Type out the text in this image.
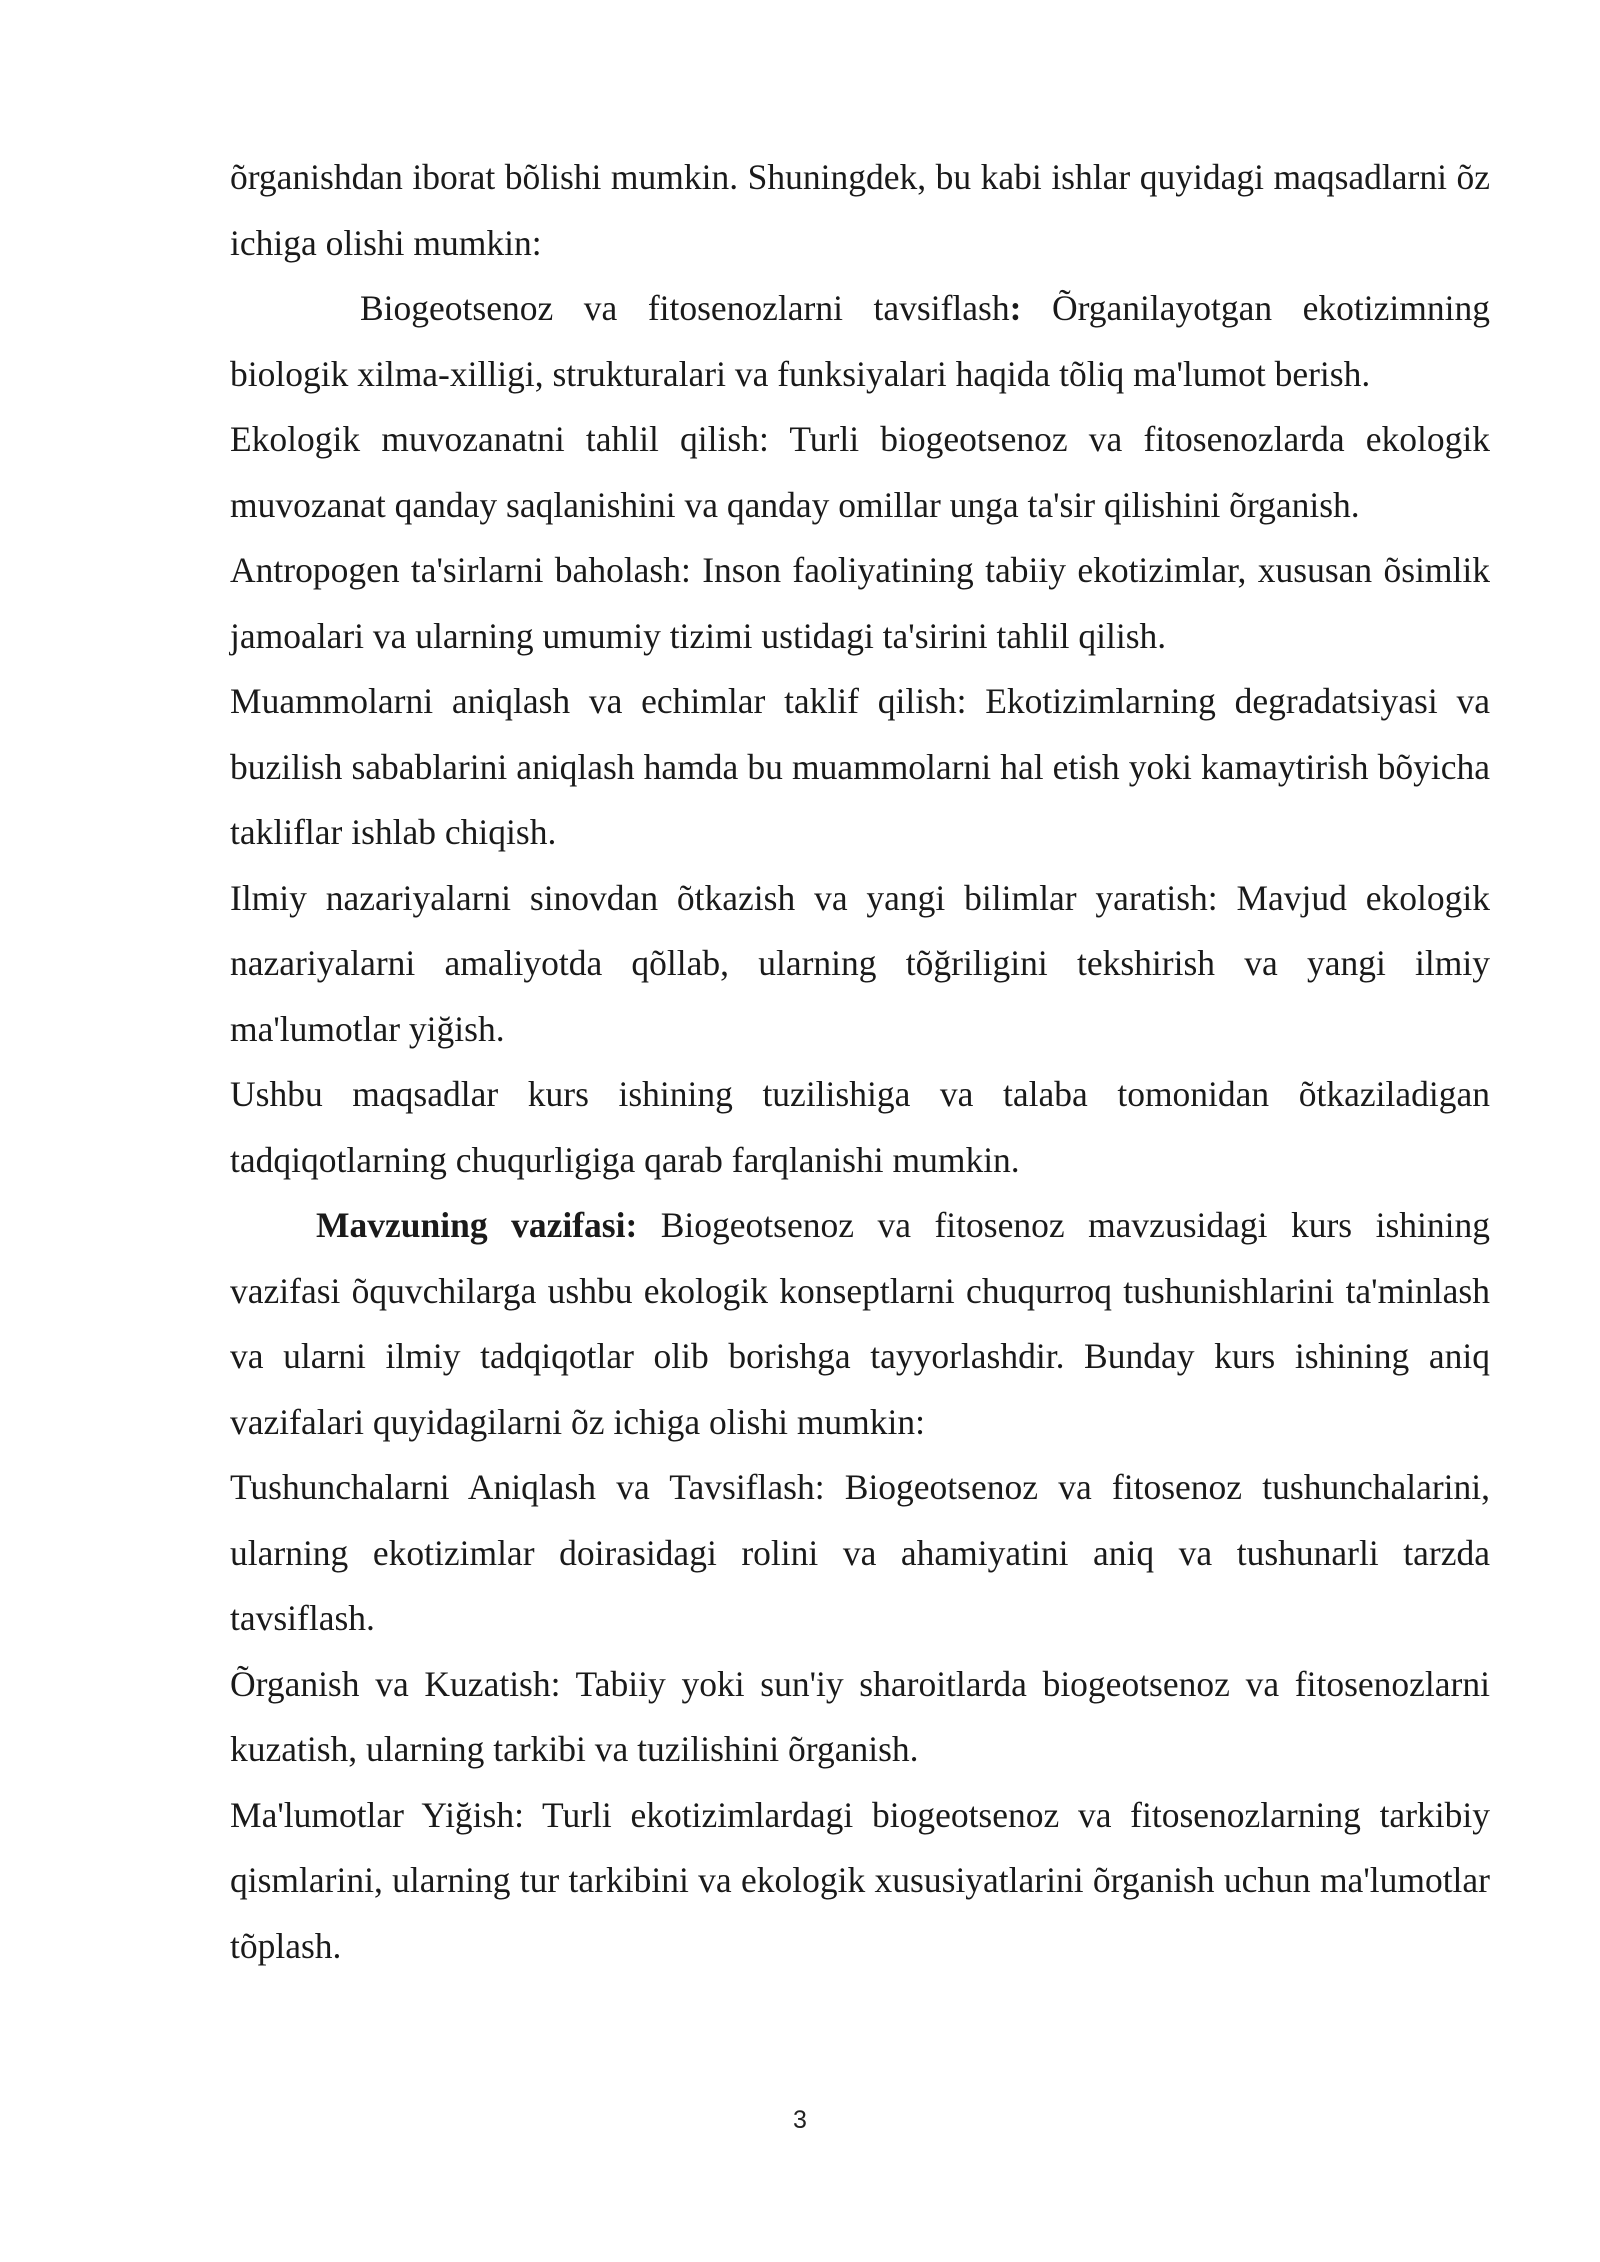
õrganishdan iborat bõlishi mumkin. Shuningdek, bu kabi ishlar quyidagi maqsadlarni õz ichiga olishi mumkin:

Biogeotsenoz va fitosenozlarni tavsiflash: Õrganilayotgan ekotizimning biologik xilma-xilligi, strukturalari va funksiyalari haqida tõliq ma'lumot berish.

Ekologik muvozanatni tahlil qilish: Turli biogeotsenoz va fitosenozlarda ekologik muvozanat qanday saqlanishini va qanday omillar unga ta'sir qilishini õrganish.

Antropogen ta'sirlarni baholash: Inson faoliyatining tabiiy ekotizimlar, xususan õsimlik jamoalari va ularning umumiy tizimi ustidagi ta'sirini tahlil qilish.

Muammolarni aniqlash va echimlar taklif qilish: Ekotizimlarning degradatsiyasi va buzilish sabablarini aniqlash hamda bu muammolarni hal etish yoki kamaytirish bõyicha takliflar ishlab chiqish.

Ilmiy nazariyalarni sinovdan õtkazish va yangi bilimlar yaratish: Mavjud ekologik nazariyalarni amaliyotda qõllab, ularning tõğriligini tekshirish va yangi ilmiy ma'lumotlar yiğish.

Ushbu maqsadlar kurs ishining tuzilishiga va talaba tomonidan õtkaziladigan tadqiqotlarning chuqurligiga qarab farqlanishi mumkin.

Mavzuning vazifasi: Biogeotsenoz va fitosenoz mavzusidagi kurs ishining vazifasi õquvchilarga ushbu ekologik konseptlarni chuqurroq tushunishlarini ta'minlash va ularni ilmiy tadqiqotlar olib borishga tayyorlashdir. Bunday kurs ishining aniq vazifalari quyidagilarni õz ichiga olishi mumkin:

Tushunchalarni Aniqlash va Tavsiflash: Biogeotsenoz va fitosenoz tushunchalarini, ularning ekotizimlar doirasidagi rolini va ahamiyatini aniq va tushunarli tarzda tavsiflash.

Õrganish va Kuzatish: Tabiiy yoki sun'iy sharoitlarda biogeotsenoz va fitosenozlarni kuzatish, ularning tarkibi va tuzilishini õrganish.

Ma'lumotlar Yiğish: Turli ekotizimlardagi biogeotsenoz va fitosenozlarning tarkibiy qismlarini, ularning tur tarkibini va ekologik xususiyatlarini õrganish uchun ma'lumotlar tõplash.

3
